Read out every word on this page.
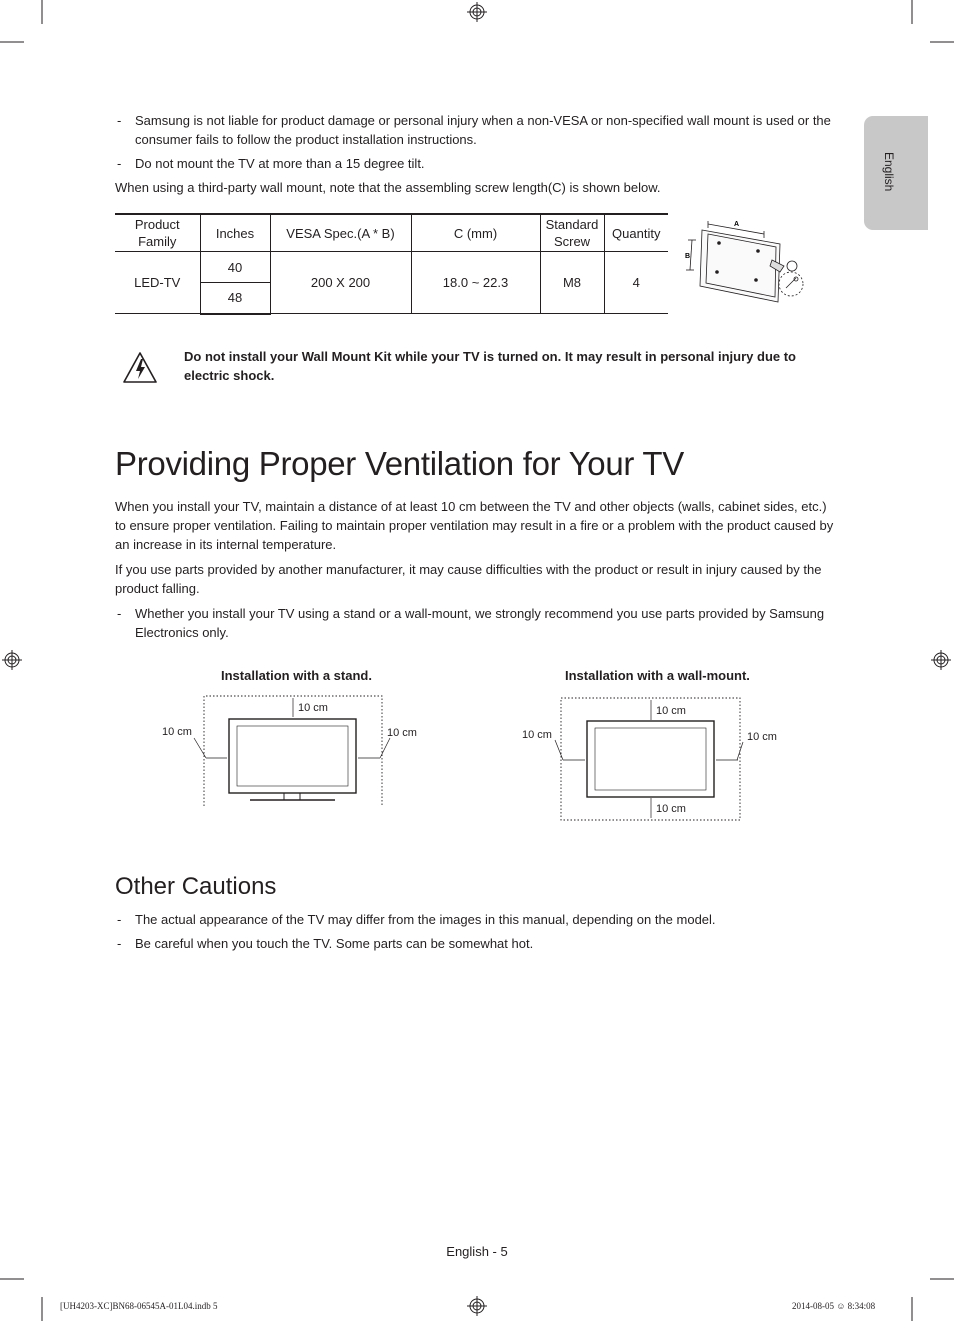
English
- Samsung is not liable for product damage or personal injury when a non-VESA or non-specified wall mount is used or the consumer fails to follow the product installation instructions.
- Do not mount the TV at more than a 15 degree tilt.
When using a third-party wall mount, note that the assembling screw length(C) is shown below.
Product Family	Inches	VESA Spec.(A * B)	C (mm)	Standard Screw	Quantity
LED-TV	40	200 X 200	18.0 ~ 22.3	M8	4
	48				
A
B
Do not install your Wall Mount Kit while your TV is turned on. It may result in personal injury due to electric shock.
Providing Proper Ventilation for Your TV
When you install your TV, maintain a distance of at least 10 cm between the TV and other objects (walls, cabinet sides, etc.) to ensure proper ventilation. Failing to maintain proper ventilation may result in a fire or a problem with the product caused by an increase in its internal temperature.
If you use parts provided by another manufacturer, it may cause difficulties with the product or result in injury caused by the product falling.
- Whether you install your TV using a stand or a wall-mount, we strongly recommend you use parts provided by Samsung Electronics only.
Installation with a stand.	Installation with a wall-mount.
10 cm
10 cm	10 cm
10 cm
10 cm
10 cm	10 cm
Other Cautions
- The actual appearance of the TV may differ from the images in this manual, depending on the model.
- Be careful when you touch the TV. Some parts can be somewhat hot.
English - 5
[UH4203-XC]BN68-06545A-01L04.indb 5	2014-08-05 ☺ 8:34:08
